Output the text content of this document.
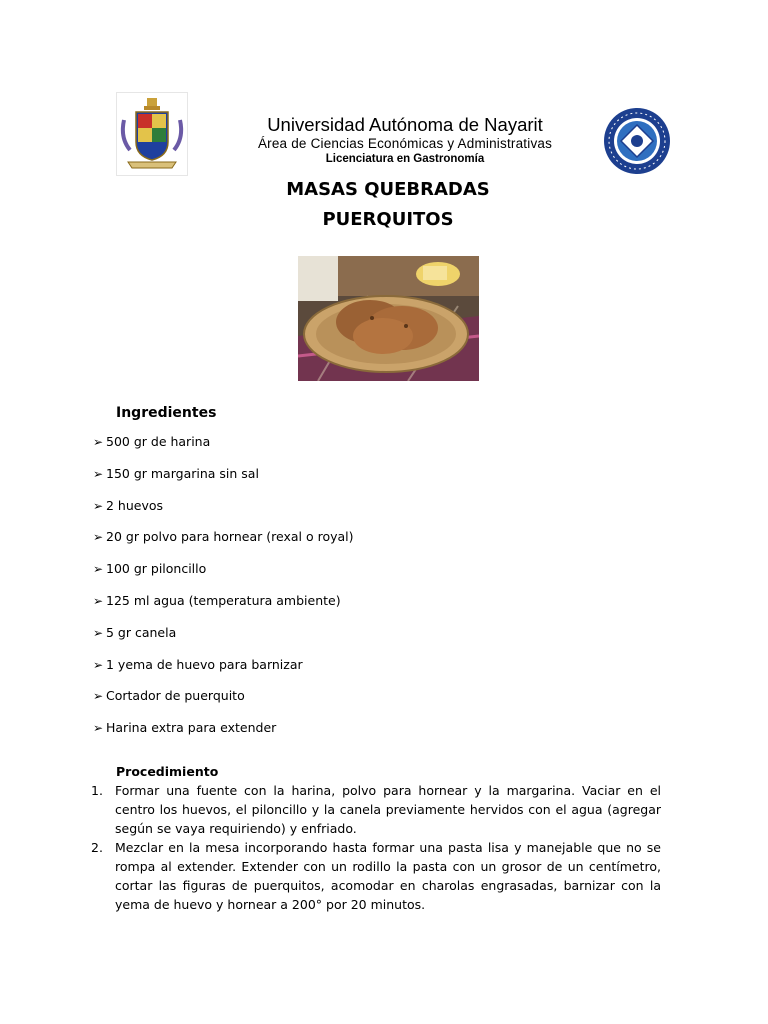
Universidad Autónoma de Nayarit
Área de Ciencias Económicas y Administrativas
Licenciatura en Gastronomía
MASAS QUEBRADAS
PUERQUITOS
Ingredientes
➢ 500 gr de harina
➢ 150 gr margarina sin sal
➢ 2 huevos
➢ 20 gr polvo para hornear (rexal o royal)
➢ 100 gr piloncillo
➢ 125 ml agua (temperatura ambiente)
➢ 5 gr canela
➢ 1 yema de huevo para barnizar
➢ Cortador de puerquito
➢ Harina extra para extender
Procedimiento
1. Formar una fuente con la harina, polvo para hornear y la margarina. Vaciar en el centro los huevos, el piloncillo y la canela previamente hervidos con el agua (agregar según se vaya requiriendo) y enfriado.
2. Mezclar en la mesa incorporando hasta formar una pasta lisa y manejable que no se rompa al extender. Extender con un rodillo la pasta con un grosor de un centímetro, cortar las figuras de puerquitos, acomodar en charolas engrasadas, barnizar con la yema de huevo y hornear a 200° por 20 minutos.
